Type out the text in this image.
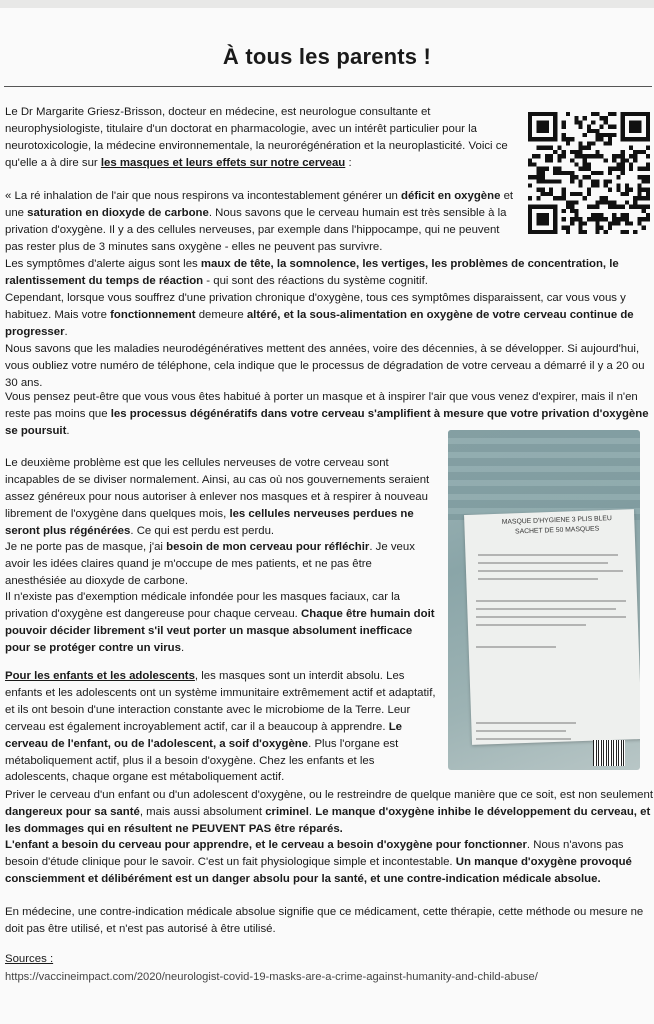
À tous les parents !

Le Dr Margarite Griesz-Brisson, docteur en médecine, est neurologue consultante et neurophysiologiste, titulaire d'un doctorat en pharmacologie, avec un intérêt particulier pour la neurotoxicologie, la médecine environnementale, la neurorégénération et la neuroplasticité. Voici ce qu'elle a à dire sur les masques et leurs effets sur notre cerveau :

« La ré inhalation de l'air que nous respirons va incontestablement générer un déficit en oxygène et une saturation en dioxyde de carbone. Nous savons que le cerveau humain est très sensible à la privation d'oxygène. Il y a des cellules nerveuses, par exemple dans l'hippocampe, qui ne peuvent pas rester plus de 3 minutes sans oxygène - elles ne peuvent pas survivre.

Les symptômes d'alerte aigus sont les maux de tête, la somnolence, les vertiges, les problèmes de concentration, le ralentissement du temps de réaction - qui sont des réactions du système cognitif.

Cependant, lorsque vous souffrez d'une privation chronique d'oxygène, tous ces symptômes disparaissent, car vous vous y habituez. Mais votre fonctionnement demeure altéré, et la sous-alimentation en oxygène de votre cerveau continue de progresser.

Nous savons que les maladies neurodégénératives mettent des années, voire des décennies, à se développer. Si aujourd'hui, vous oubliez votre numéro de téléphone, cela indique que le processus de dégradation de votre cerveau a démarré il y a 20 ou 30 ans.

Vous pensez peut-être que vous vous êtes habitué à porter un masque et à inspirer l'air que vous venez d'expirer, mais il n'en reste pas moins que les processus dégénératifs dans votre cerveau s'amplifient à mesure que votre privation d'oxygène se poursuit.

MASQUE D'HYGIENE 3 PLIS BLEU
SACHET DE 50 MASQUES

Le deuxième problème est que les cellules nerveuses de votre cerveau sont incapables de se diviser normalement. Ainsi, au cas où nos gouvernements seraient assez généreux pour nous autoriser à enlever nos masques et à respirer à nouveau librement de l'oxygène dans quelques mois, les cellules nerveuses perdues ne seront plus régénérées. Ce qui est perdu est perdu.

Je ne porte pas de masque, j'ai besoin de mon cerveau pour réfléchir. Je veux avoir les idées claires quand je m'occupe de mes patients, et ne pas être anesthésiée au dioxyde de carbone.

Il n'existe pas d'exemption médicale infondée pour les masques faciaux, car la privation d'oxygène est dangereuse pour chaque cerveau. Chaque être humain doit pouvoir décider librement s'il veut porter un masque absolument inefficace pour se protéger contre un virus.

Pour les enfants et les adolescents, les masques sont un interdit absolu. Les enfants et les adolescents ont un système immunitaire extrêmement actif et adaptatif, et ils ont besoin d'une interaction constante avec le microbiome de la Terre. Leur cerveau est également incroyablement actif, car il a beaucoup à apprendre. Le cerveau de l'enfant, ou de l'adolescent, a soif d'oxygène. Plus l'organe est métaboliquement actif, plus il a besoin d'oxygène. Chez les enfants et les adolescents, chaque organe est métaboliquement actif.

Priver le cerveau d'un enfant ou d'un adolescent d'oxygène, ou le restreindre de quelque manière que ce soit, est non seulement dangereux pour sa santé, mais aussi absolument criminel. Le manque d'oxygène inhibe le développement du cerveau, et les dommages qui en résultent ne PEUVENT PAS être réparés.

L'enfant a besoin du cerveau pour apprendre, et le cerveau a besoin d'oxygène pour fonctionner. Nous n'avons pas besoin d'étude clinique pour le savoir. C'est un fait physiologique simple et incontestable. Un manque d'oxygène provoqué consciemment et délibérément est un danger absolu pour la santé, et une contre-indication médicale absolue.

En médecine, une contre-indication médicale absolue signifie que ce médicament, cette thérapie, cette méthode ou mesure ne doit pas être utilisé, et n'est pas autorisé à être utilisé.

Sources :
https://vaccineimpact.com/2020/neurologist-covid-19-masks-are-a-crime-against-humanity-and-child-abuse/
